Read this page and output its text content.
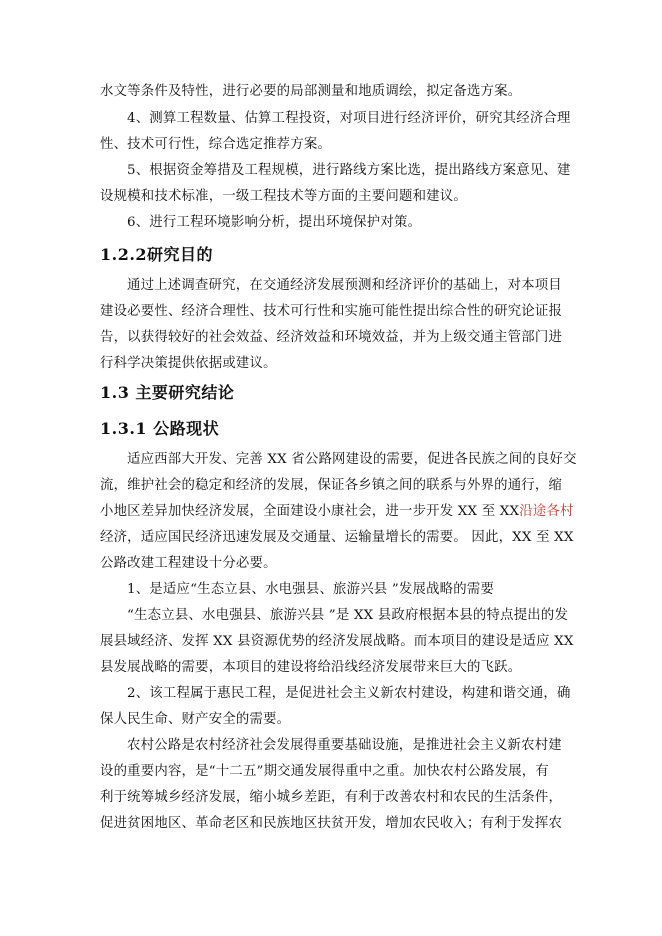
水文等条件及特性，进行必要的局部测量和地质调绘，拟定备选方案。
4、测算工程数量、估算工程投资，对项目进行经济评价，研究其经济合理
性、技术可行性，综合选定推荐方案。
5、根据资金筹措及工程规模，进行路线方案比选，提出路线方案意见、建
设规模和技术标准，一级工程技术等方面的主要问题和建议。
6、进行工程环境影响分析，提出环境保护对策。
1.2.2研究目的
通过上述调查研究，在交通经济发展预测和经济评价的基础上，对本项目
建设必要性、经济合理性、技术可行性和实施可能性提出综合性的研究论证报
告，以获得较好的社会效益、经济效益和环境效益，并为上级交通主管部门进
行科学决策提供依据或建议。
1.3 主要研究结论
1.3.1 公路现状
适应西部大开发、完善 XX 省公路网建设的需要，促进各民族之间的良好交
流，维护社会的稳定和经济的发展，保证各乡镇之间的联系与外界的通行，缩
小地区差异加快经济发展，全面建设小康社会，进一步开发 XX 至 XX沿途各村
经济，适应国民经济迅速发展及交通量、运输量增长的需要。 因此，XX 至 XX
公路改建工程建设十分必要。
1、是适应“生态立县、水电强县、旅游兴县 ”发展战略的需要
“生态立县、水电强县、旅游兴县 ”是 XX 县政府根据本县的特点提出的发
展县域经济、发挥 XX 县资源优势的经济发展战略。而本项目的建设是适应 XX
县发展战略的需要，本项目的建设将给沿线经济发展带来巨大的飞跃。
2、该工程属于惠民工程，是促进社会主义新农村建设，构建和谐交通，确
保人民生命、财产安全的需要。
农村公路是农村经济社会发展得重要基础设施，是推进社会主义新农村建
设的重要内容，是“十二五”期交通发展得重中之重。加快农村公路发展，有
利于统筹城乡经济发展，缩小城乡差距，有利于改善农村和农民的生活条件，
促进贫困地区、革命老区和民族地区扶贫开发，增加农民收入；有利于发挥农
